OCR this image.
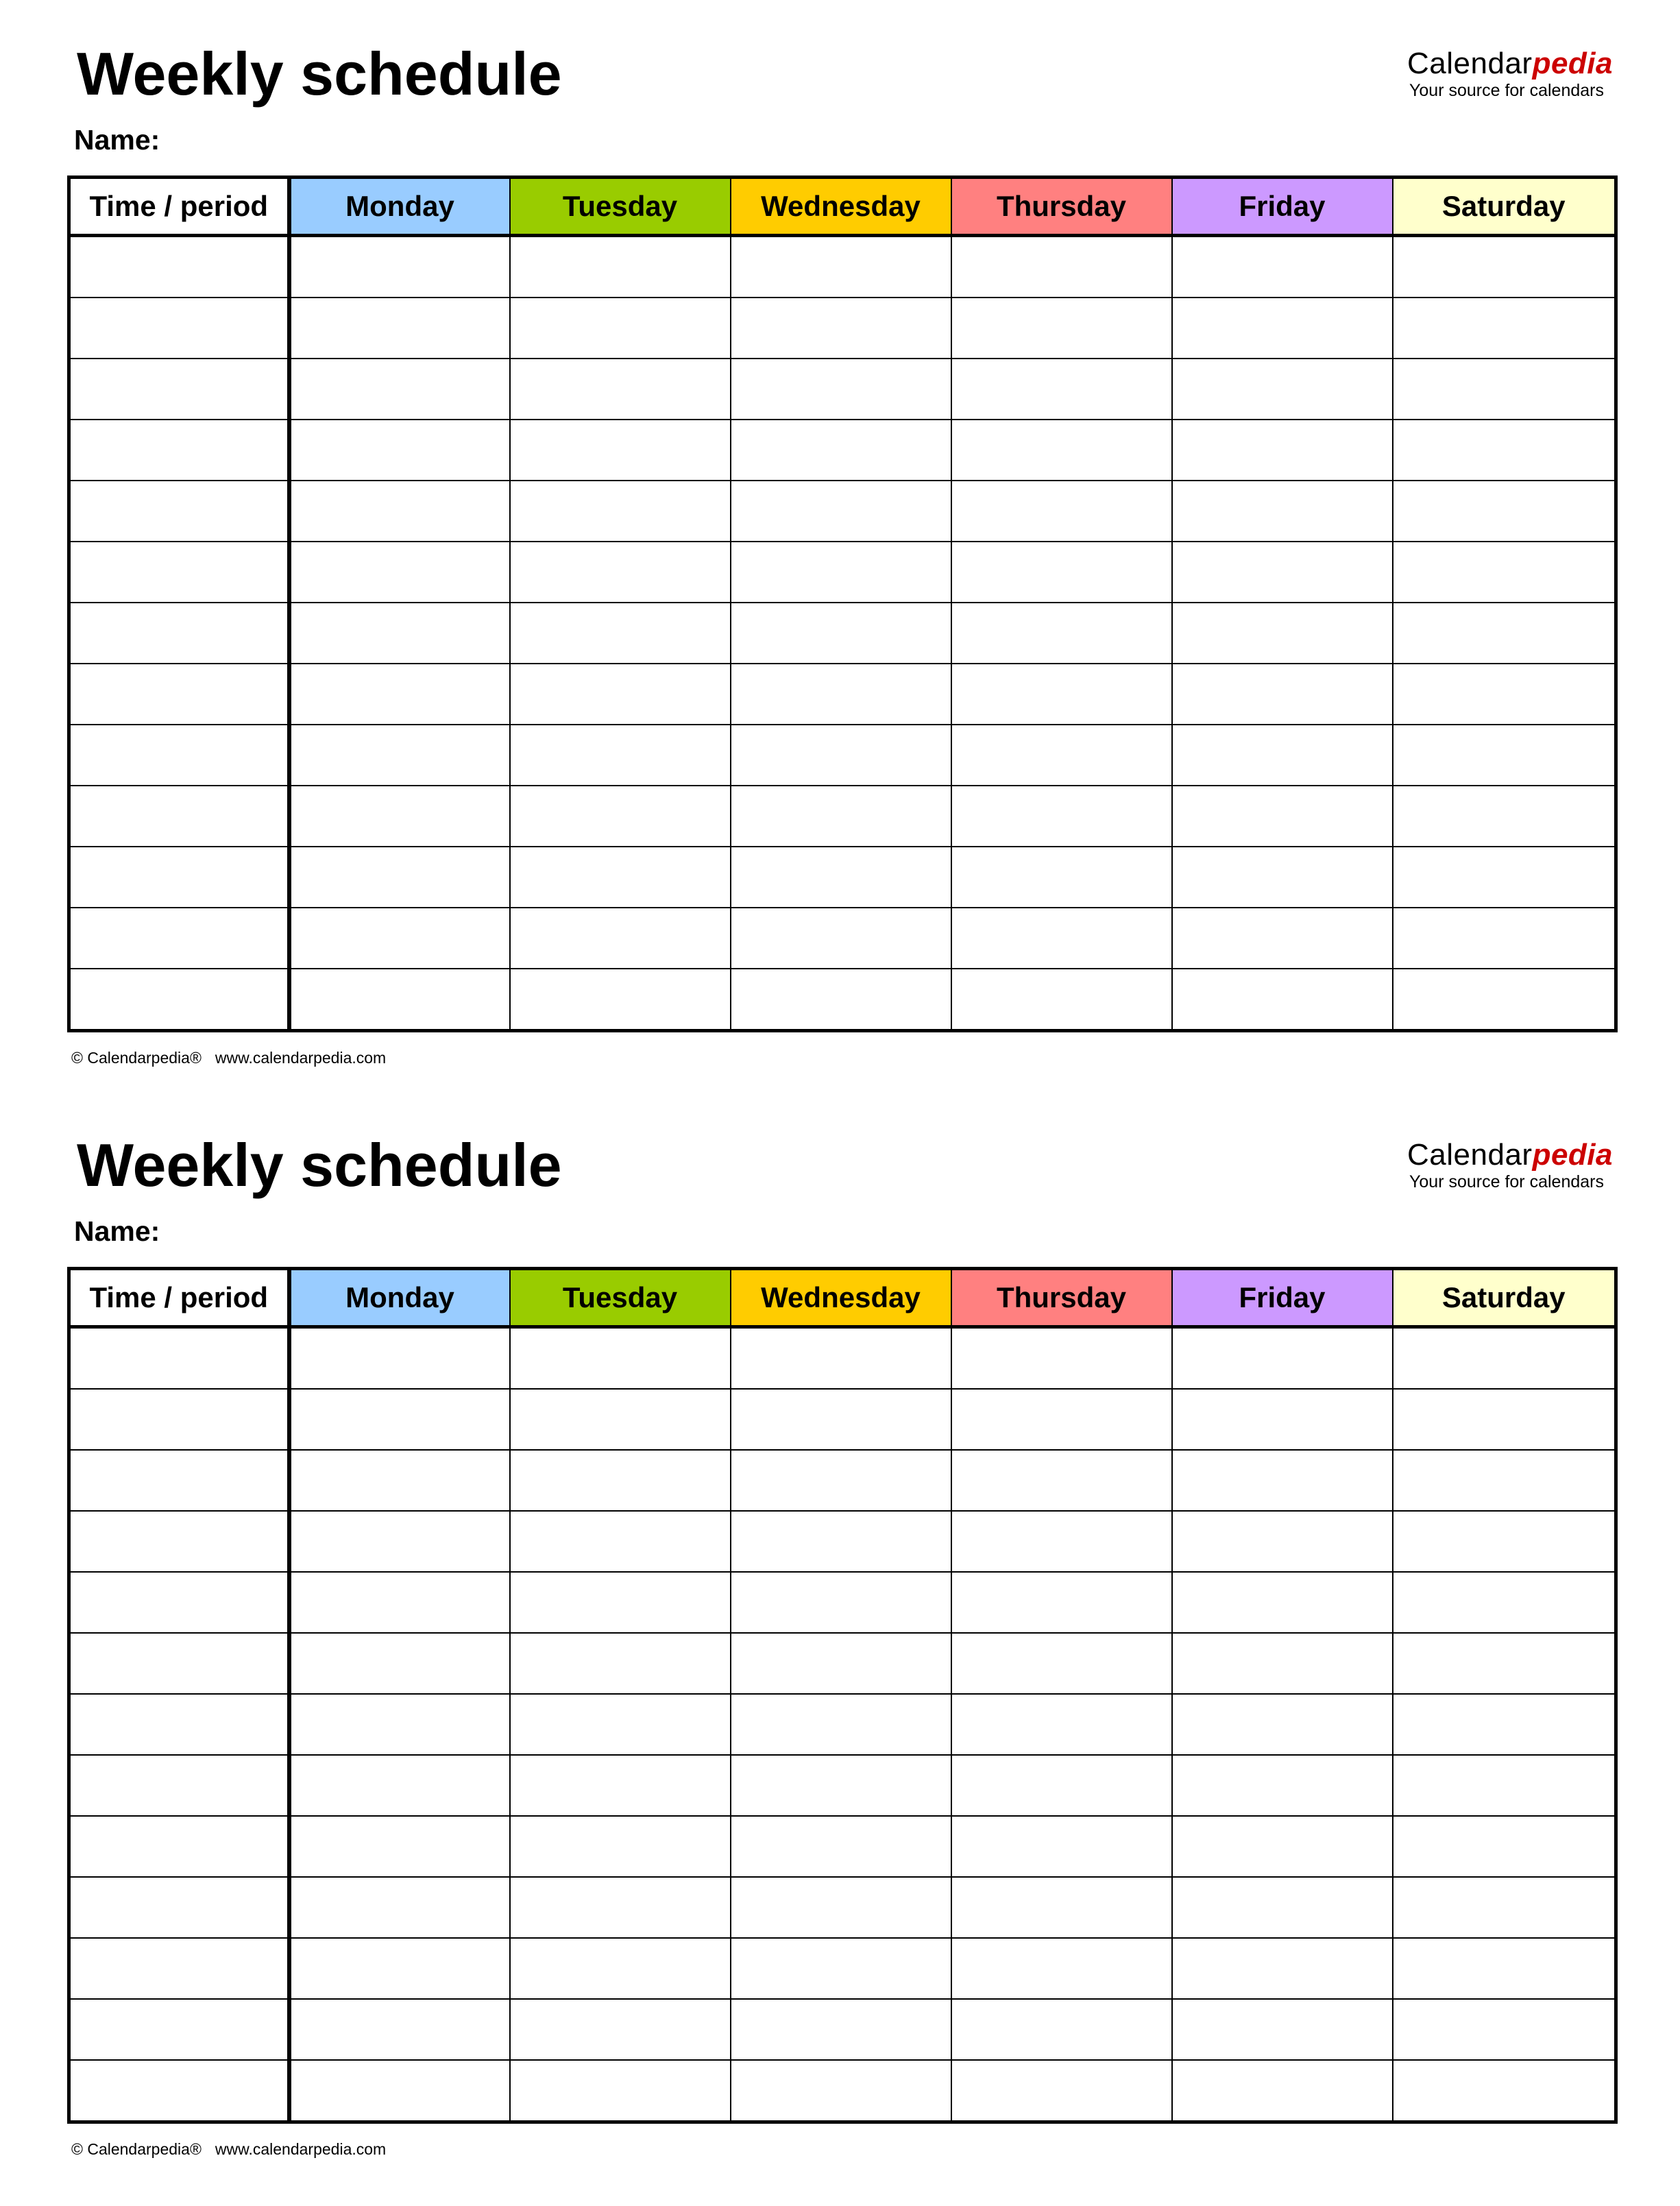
Weekly schedule
Name:
Calendarpedia
Your source for calendars
Time / period	Monday	Tuesday	Wednesday	Thursday	Friday	Saturday

© Calendarpedia® www.calendarpedia.com
Weekly schedule
Name:
Calendarpedia
Your source for calendars
Time / period	Monday	Tuesday	Wednesday	Thursday	Friday	Saturday

© Calendarpedia® www.calendarpedia.com
